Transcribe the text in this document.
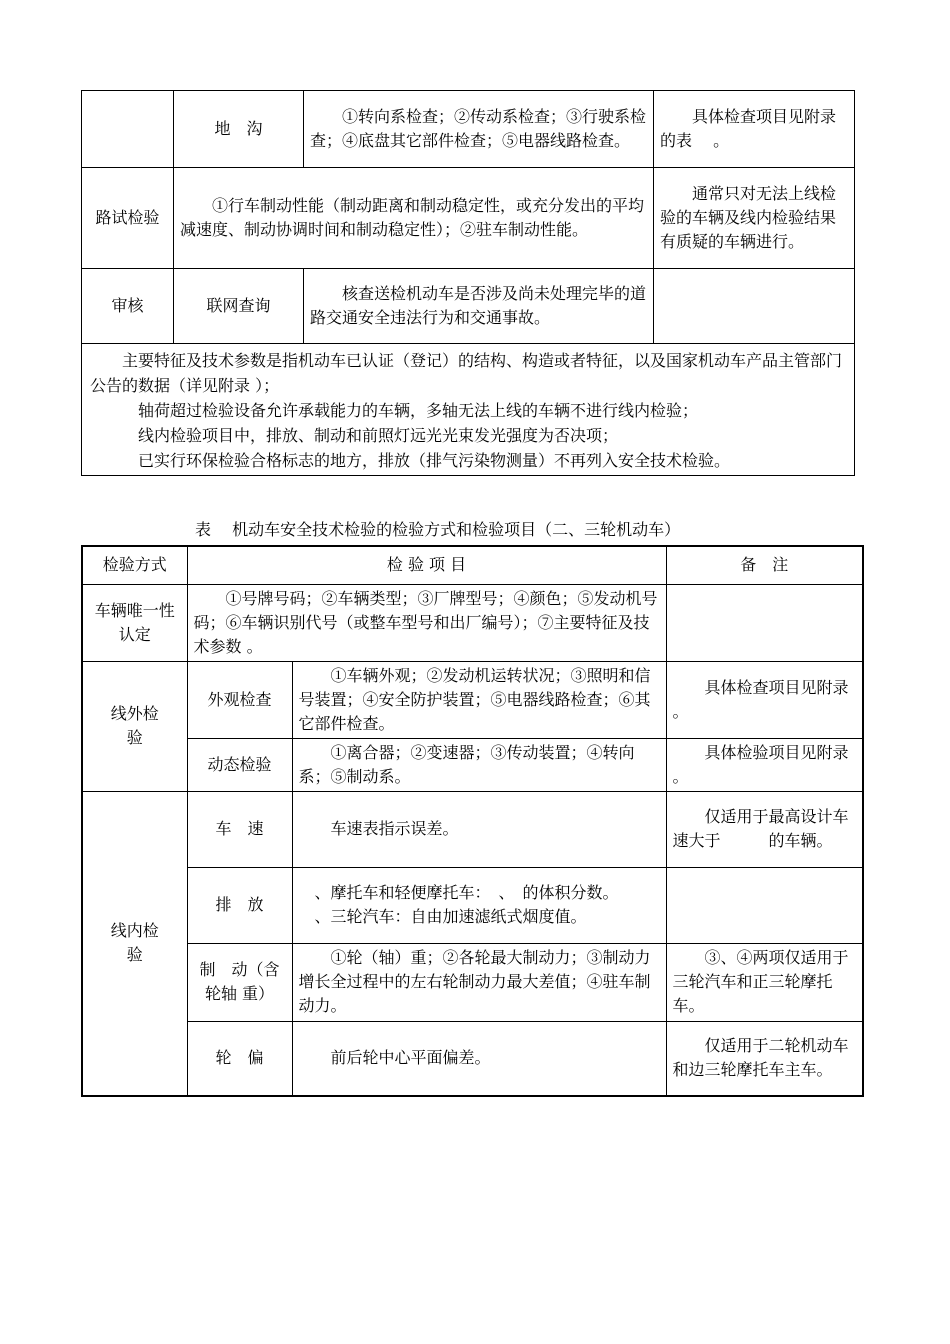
	地　沟	①转向系检查；②传动系检查；③行驶系检查；④底盘其它部件检查；⑤电器线路检查。	具体检查项目见附录 的表　 。
路试检验	①行车制动性能（制动距离和制动稳定性，或充分发出的平均减速度、制动协调时间和制动稳定性）；②驻车制动性能。		通常只对无法上线检验的车辆及线内检验结果有质疑的车辆进行。
审核	联网查询	核查送检机动车是否涉及尚未处理完毕的道路交通安全违法行为和交通事故。	

主要特征及技术参数是指机动车已认证（登记）的结构、构造或者特征，以及国家机动车产品主管部门公告的数据（详见附录 ）；

轴荷超过检验设备允许承载能力的车辆，多轴无法上线的车辆不进行线内检验；

线内检验项目中，排放、制动和前照灯远光光束发光强度为否决项；

已实行环保检验合格标志的地方，排放（排气污染物测量）不再列入安全技术检验。			

表　 机动车安全技术检验的检验方式和检验项目（二、三轮机动车）
检验方式	检 验 项 目		备　注
车辆唯一性认定	①号牌号码；②车辆类型；③厂牌型号；④颜色；⑤发动机号码；⑥车辆识别代号（或整车型号和出厂编号）；⑦主要特征及技术参数 。		
线外检验	外观检查	①车辆外观；②发动机运转状况；③照明和信号装置；④安全防护装置；⑤电器线路检查；⑥其它部件检查。	具体检查项目见附录 。
	动态检验	①离合器；②变速器；③传动装置；④转向系；⑤制动系。	具体检验项目见附录 。
线内检验	车　速	车速表指示误差。	仅适用于最高设计车速大于　　　的车辆。
	排　放	、摩托车和轻便摩托车：　、　的体积分数。
、三轮汽车：自由加速滤纸式烟度值。	

	制　动（含轮轴 重）	①轮（轴）重；②各轮最大制动力；③制动力增长全过程中的左右轮制动力最大差值；④驻车制动力。	③、④两项仅适用于三轮汽车和正三轮摩托车。
	轮　偏	前后轮中心平面偏差。	仅适用于二轮机动车和边三轮摩托车主车。
